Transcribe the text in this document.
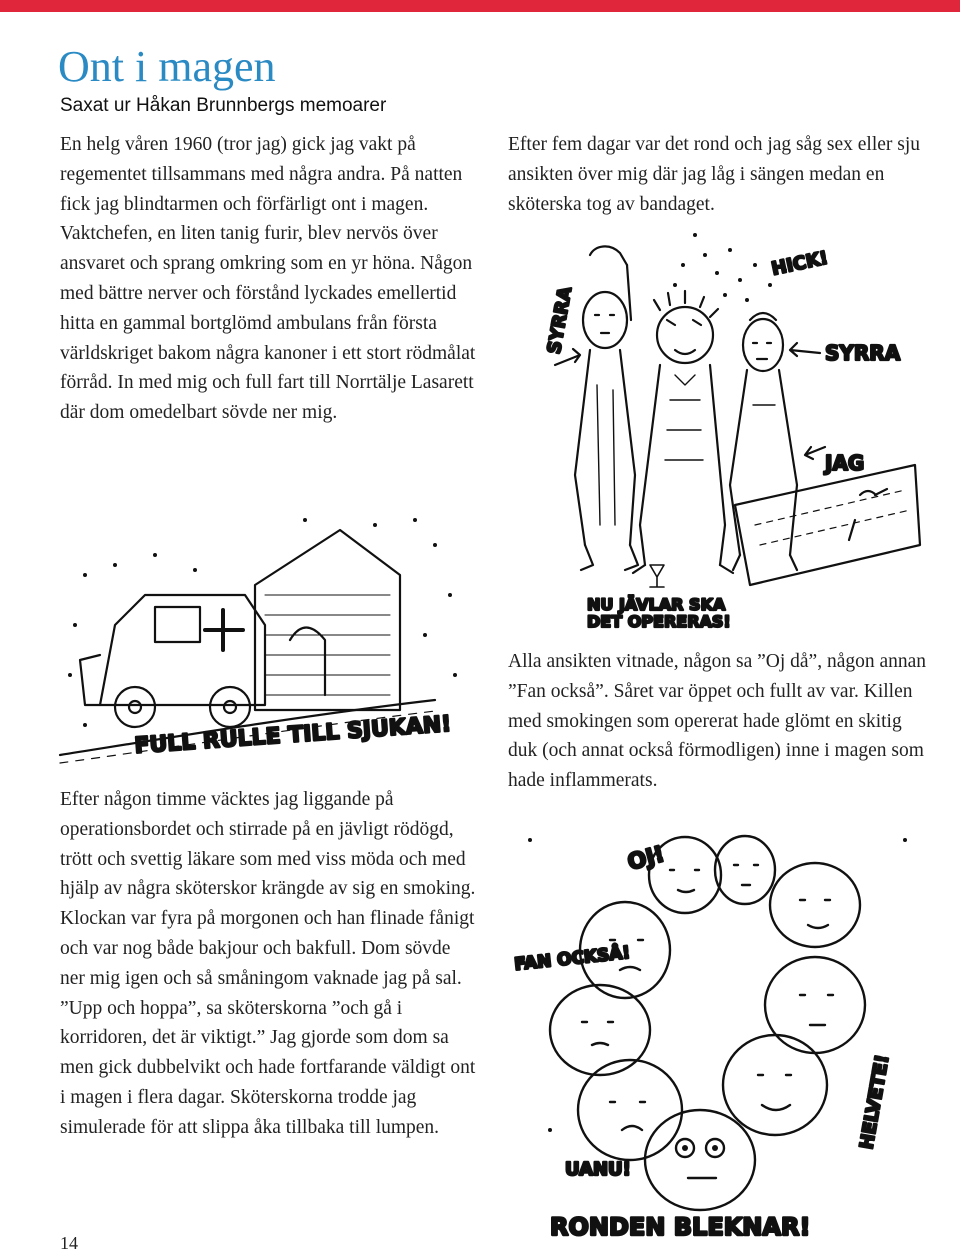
Ont i magen
Saxat ur Håkan Brunnbergs memoarer

En helg våren 1960 (tror jag) gick jag vakt på regementet tillsammans med några andra. På natten fick jag blindtarmen och förfärligt ont i magen. Vaktchefen, en liten tanig furir, blev nervös över ansvaret och sprang omkring som en yr höna. Någon med bättre nerver och förstånd lyckades emellertid hitta en gammal bortglömd ambulans från första världskriget bakom några kanoner i ett stort rödmålat förråd. In med mig och full fart till Norrtälje Lasarett där dom omedelbart sövde ner mig.

Efter fem dagar var det rond och jag såg sex eller sju ansikten över mig där jag låg i sängen medan en sköterska tog av bandaget.

Alla ansikten vitnade, någon sa ”Oj då”, någon annan ”Fan också”. Såret var öppet och fullt av var. Killen med smokingen som opererat hade glömt en skitig duk (och annat också förmodligen) inne i magen som hade inflammerats.

Efter någon timme väcktes jag liggande på operationsbordet och stirrade på en jävligt rödögd, trött och svettig läkare som med viss möda och med hjälp av några sköterskor krängde av sig en smoking. Klockan var fyra på morgonen och han flinade fånigt och var nog både bakjour och bakfull. Dom sövde ner mig igen och så småningom vaknade jag på sal. ”Upp och hoppa”, sa sköterskorna ”och gå i korridoren, det är viktigt.” Jag gjorde som dom sa men gick dubbelvikt och hade fortfarande väldigt ont i magen i flera dagar. Sköterskorna trodde jag simulerade för att slippa åka tillbaka till lumpen.

SYRRA
HICK!
SYRRA
JAG
NU JÄVLAR SKA
DET OPERERAS!
FULL RULLE TILL SJUKAN!
OJ!
FAN OCKSÅ!
HELVETE!
UANU!
RONDEN BLEKNAR!
14
